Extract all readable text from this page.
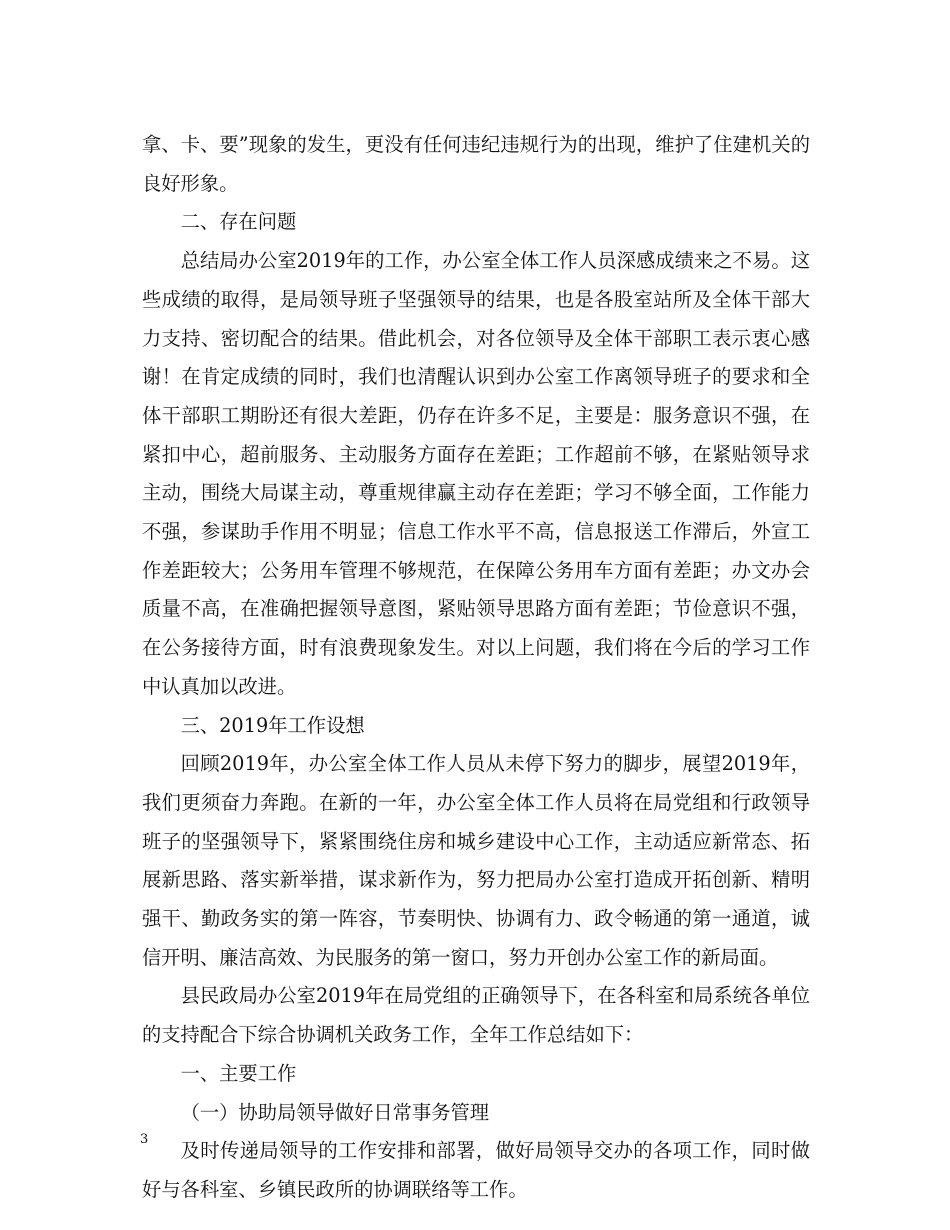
拿、卡、要”现象的发生，更没有任何违纪违规行为的出现，维护了住建机关的良好形象。

二、存在问题

总结局办公室2019年的工作，办公室全体工作人员深感成绩来之不易。这些成绩的取得，是局领导班子坚强领导的结果，也是各股室站所及全体干部大力支持、密切配合的结果。借此机会，对各位领导及全体干部职工表示衷心感谢！在肯定成绩的同时，我们也清醒认识到办公室工作离领导班子的要求和全体干部职工期盼还有很大差距，仍存在许多不足，主要是：服务意识不强，在紧扣中心，超前服务、主动服务方面存在差距；工作超前不够，在紧贴领导求主动，围绕大局谋主动，尊重规律赢主动存在差距；学习不够全面，工作能力不强，参谋助手作用不明显；信息工作水平不高，信息报送工作滞后，外宣工作差距较大；公务用车管理不够规范，在保障公务用车方面有差距；办文办会质量不高，在准确把握领导意图，紧贴领导思路方面有差距；节俭意识不强，在公务接待方面，时有浪费现象发生。对以上问题，我们将在今后的学习工作中认真加以改进。

三、2019年工作设想

回顾2019年，办公室全体工作人员从未停下努力的脚步，展望2019年，我们更须奋力奔跑。在新的一年，办公室全体工作人员将在局党组和行政领导班子的坚强领导下，紧紧围绕住房和城乡建设中心工作，主动适应新常态、拓展新思路、落实新举措，谋求新作为，努力把局办公室打造成开拓创新、精明强干、勤政务实的第一阵容，节奏明快、协调有力、政令畅通的第一通道，诚信开明、廉洁高效、为民服务的第一窗口，努力开创办公室工作的新局面。

县民政局办公室2019年在局党组的正确领导下，在各科室和局系统各单位的支持配合下综合协调机关政务工作，全年工作总结如下：

一、主要工作

（一）协助局领导做好日常事务管理

及时传递局领导的工作安排和部署，做好局领导交办的各项工作，同时做好与各科室、乡镇民政所的协调联络等工作。

3
